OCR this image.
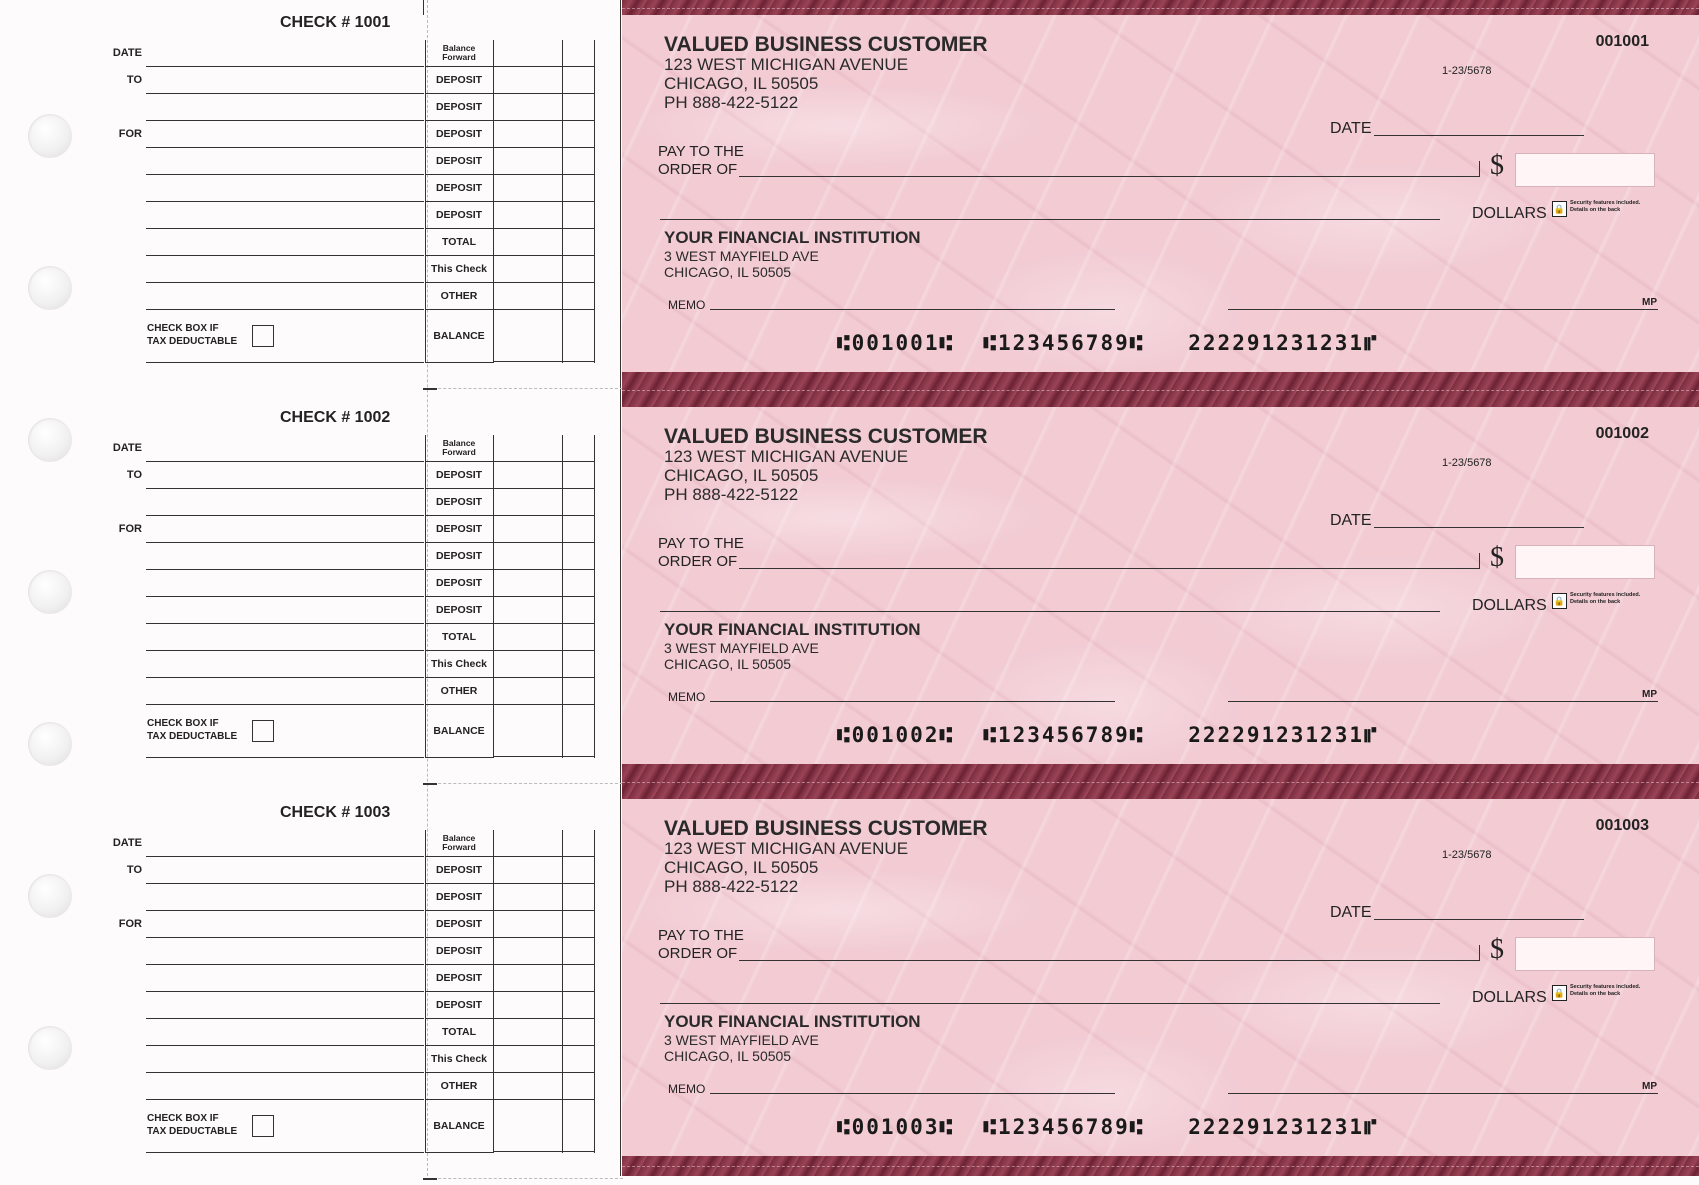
CHECK # 1001
DATE
TO
FOR
CHECK BOX IF
TAX DEDUCTABLE
Balance
Forward
DEPOSIT
DEPOSIT
DEPOSIT
DEPOSIT
DEPOSIT
DEPOSIT
TOTAL
This Check
OTHER
BALANCE
CHECK # 1002
DATE
TO
FOR
CHECK BOX IF
TAX DEDUCTABLE
Balance
Forward
DEPOSIT
DEPOSIT
DEPOSIT
DEPOSIT
DEPOSIT
DEPOSIT
TOTAL
This Check
OTHER
BALANCE
CHECK # 1003
DATE
TO
FOR
CHECK BOX IF
TAX DEDUCTABLE
Balance
Forward
DEPOSIT
DEPOSIT
DEPOSIT
DEPOSIT
DEPOSIT
DEPOSIT
TOTAL
This Check
OTHER
BALANCE
VALUED BUSINESS CUSTOMER
123 WEST MICHIGAN AVENUE
CHICAGO, IL 50505
PH 888-422-5122
001001
1-23/5678
DATE
PAY TO THE
ORDER OF	$
DOLLARS 🔒
Security features included. Details on the back
YOUR FINANCIAL INSTITUTION
3 WEST MAYFIELD AVE
CHICAGO, IL 50505
MEMO	MP
⑆001001⑆  ⑆123456789⑆   222291231231⑈
VALUED BUSINESS CUSTOMER
123 WEST MICHIGAN AVENUE
CHICAGO, IL 50505
PH 888-422-5122
001002
1-23/5678
DATE
PAY TO THE
ORDER OF	$
DOLLARS 🔒
Security features included. Details on the back
YOUR FINANCIAL INSTITUTION
3 WEST MAYFIELD AVE
CHICAGO, IL 50505
MEMO	MP
⑆001002⑆  ⑆123456789⑆   222291231231⑈
VALUED BUSINESS CUSTOMER
123 WEST MICHIGAN AVENUE
CHICAGO, IL 50505
PH 888-422-5122
001003
1-23/5678
DATE
PAY TO THE
ORDER OF	$
DOLLARS 🔒
Security features included. Details on the back
YOUR FINANCIAL INSTITUTION
3 WEST MAYFIELD AVE
CHICAGO, IL 50505
MEMO	MP
⑆001003⑆  ⑆123456789⑆   222291231231⑈
